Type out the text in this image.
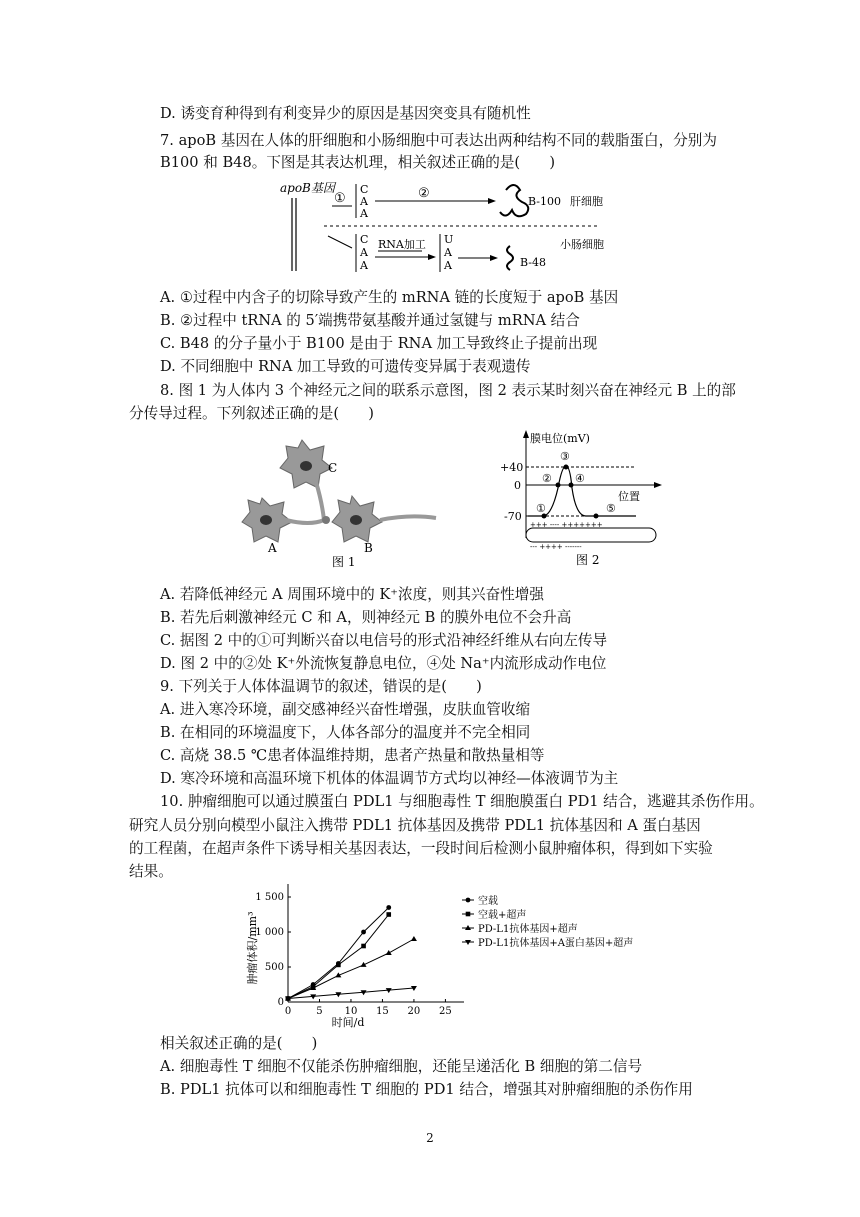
D. 诱变育种得到有利变异少的原因是基因突变具有随机性
7. apoB 基因在人体的肝细胞和小肠细胞中可表达出两种结构不同的载脂蛋白，分别为
B100 和 B48。下图是其表达机理，相关叙述正确的是(　　)
apoB基因
①
C
A
A
②
B-100 肝细胞
C
A
A
RNA加工 U
A
A	B-48
小肠细胞
A. ①过程中内含子的切除导致产生的 mRNA 链的长度短于 apoB 基因
B. ②过程中 tRNA 的 5′端携带氨基酸并通过氢键与 mRNA 结合
C. B48 的分子量小于 B100 是由于 RNA 加工导致终止子提前出现
D. 不同细胞中 RNA 加工导致的可遗传变异属于表观遗传
8. 图 1 为人体内 3 个神经元之间的联系示意图，图 2 表示某时刻兴奋在神经元 B 上的部
分传导过程。下列叙述正确的是(　　)
C
A	B
图 1
膜电位(mV)
位置
+40
0
-70
①
②
③
④
⑤
+++ ---- +++++++
--- ++++ -------
图 2
A. 若降低神经元 A 周围环境中的 K⁺浓度，则其兴奋性增强
B. 若先后刺激神经元 C 和 A，则神经元 B 的膜外电位不会升高
C. 据图 2 中的①可判断兴奋以电信号的形式沿神经纤维从右向左传导
D. 图 2 中的②处 K⁺外流恢复静息电位，④处 Na⁺内流形成动作电位
9. 下列关于人体体温调节的叙述，错误的是(　　)
A. 进入寒冷环境，副交感神经兴奋性增强，皮肤血管收缩
B. 在相同的环境温度下，人体各部分的温度并不完全相同
C. 高烧 38.5 ℃患者体温维持期，患者产热量和散热量相等
D. 寒冷环境和高温环境下机体的体温调节方式均以神经—体液调节为主
10. 肿瘤细胞可以通过膜蛋白 PDL1 与细胞毒性 T 细胞膜蛋白 PD1 结合，逃避其杀伤作用。
研究人员分别向模型小鼠注入携带 PDL1 抗体基因及携带 PDL1 抗体基因和 A 蛋白基因
的工程菌，在超声条件下诱导相关基因表达，一段时间后检测小鼠肿瘤体积，得到如下实验
结果。
0	5 10 15 20 25
0
500
1 000
1 500
肿瘤体积/mm³
时间/d
空载
空载+超声
PD-L1抗体基因+超声
PD-L1抗体基因+A蛋白基因+超声
相关叙述正确的是(　　)
A. 细胞毒性 T 细胞不仅能杀伤肿瘤细胞，还能呈递活化 B 细胞的第二信号
B. PDL1 抗体可以和细胞毒性 T 细胞的 PD1 结合，增强其对肿瘤细胞的杀伤作用
2
